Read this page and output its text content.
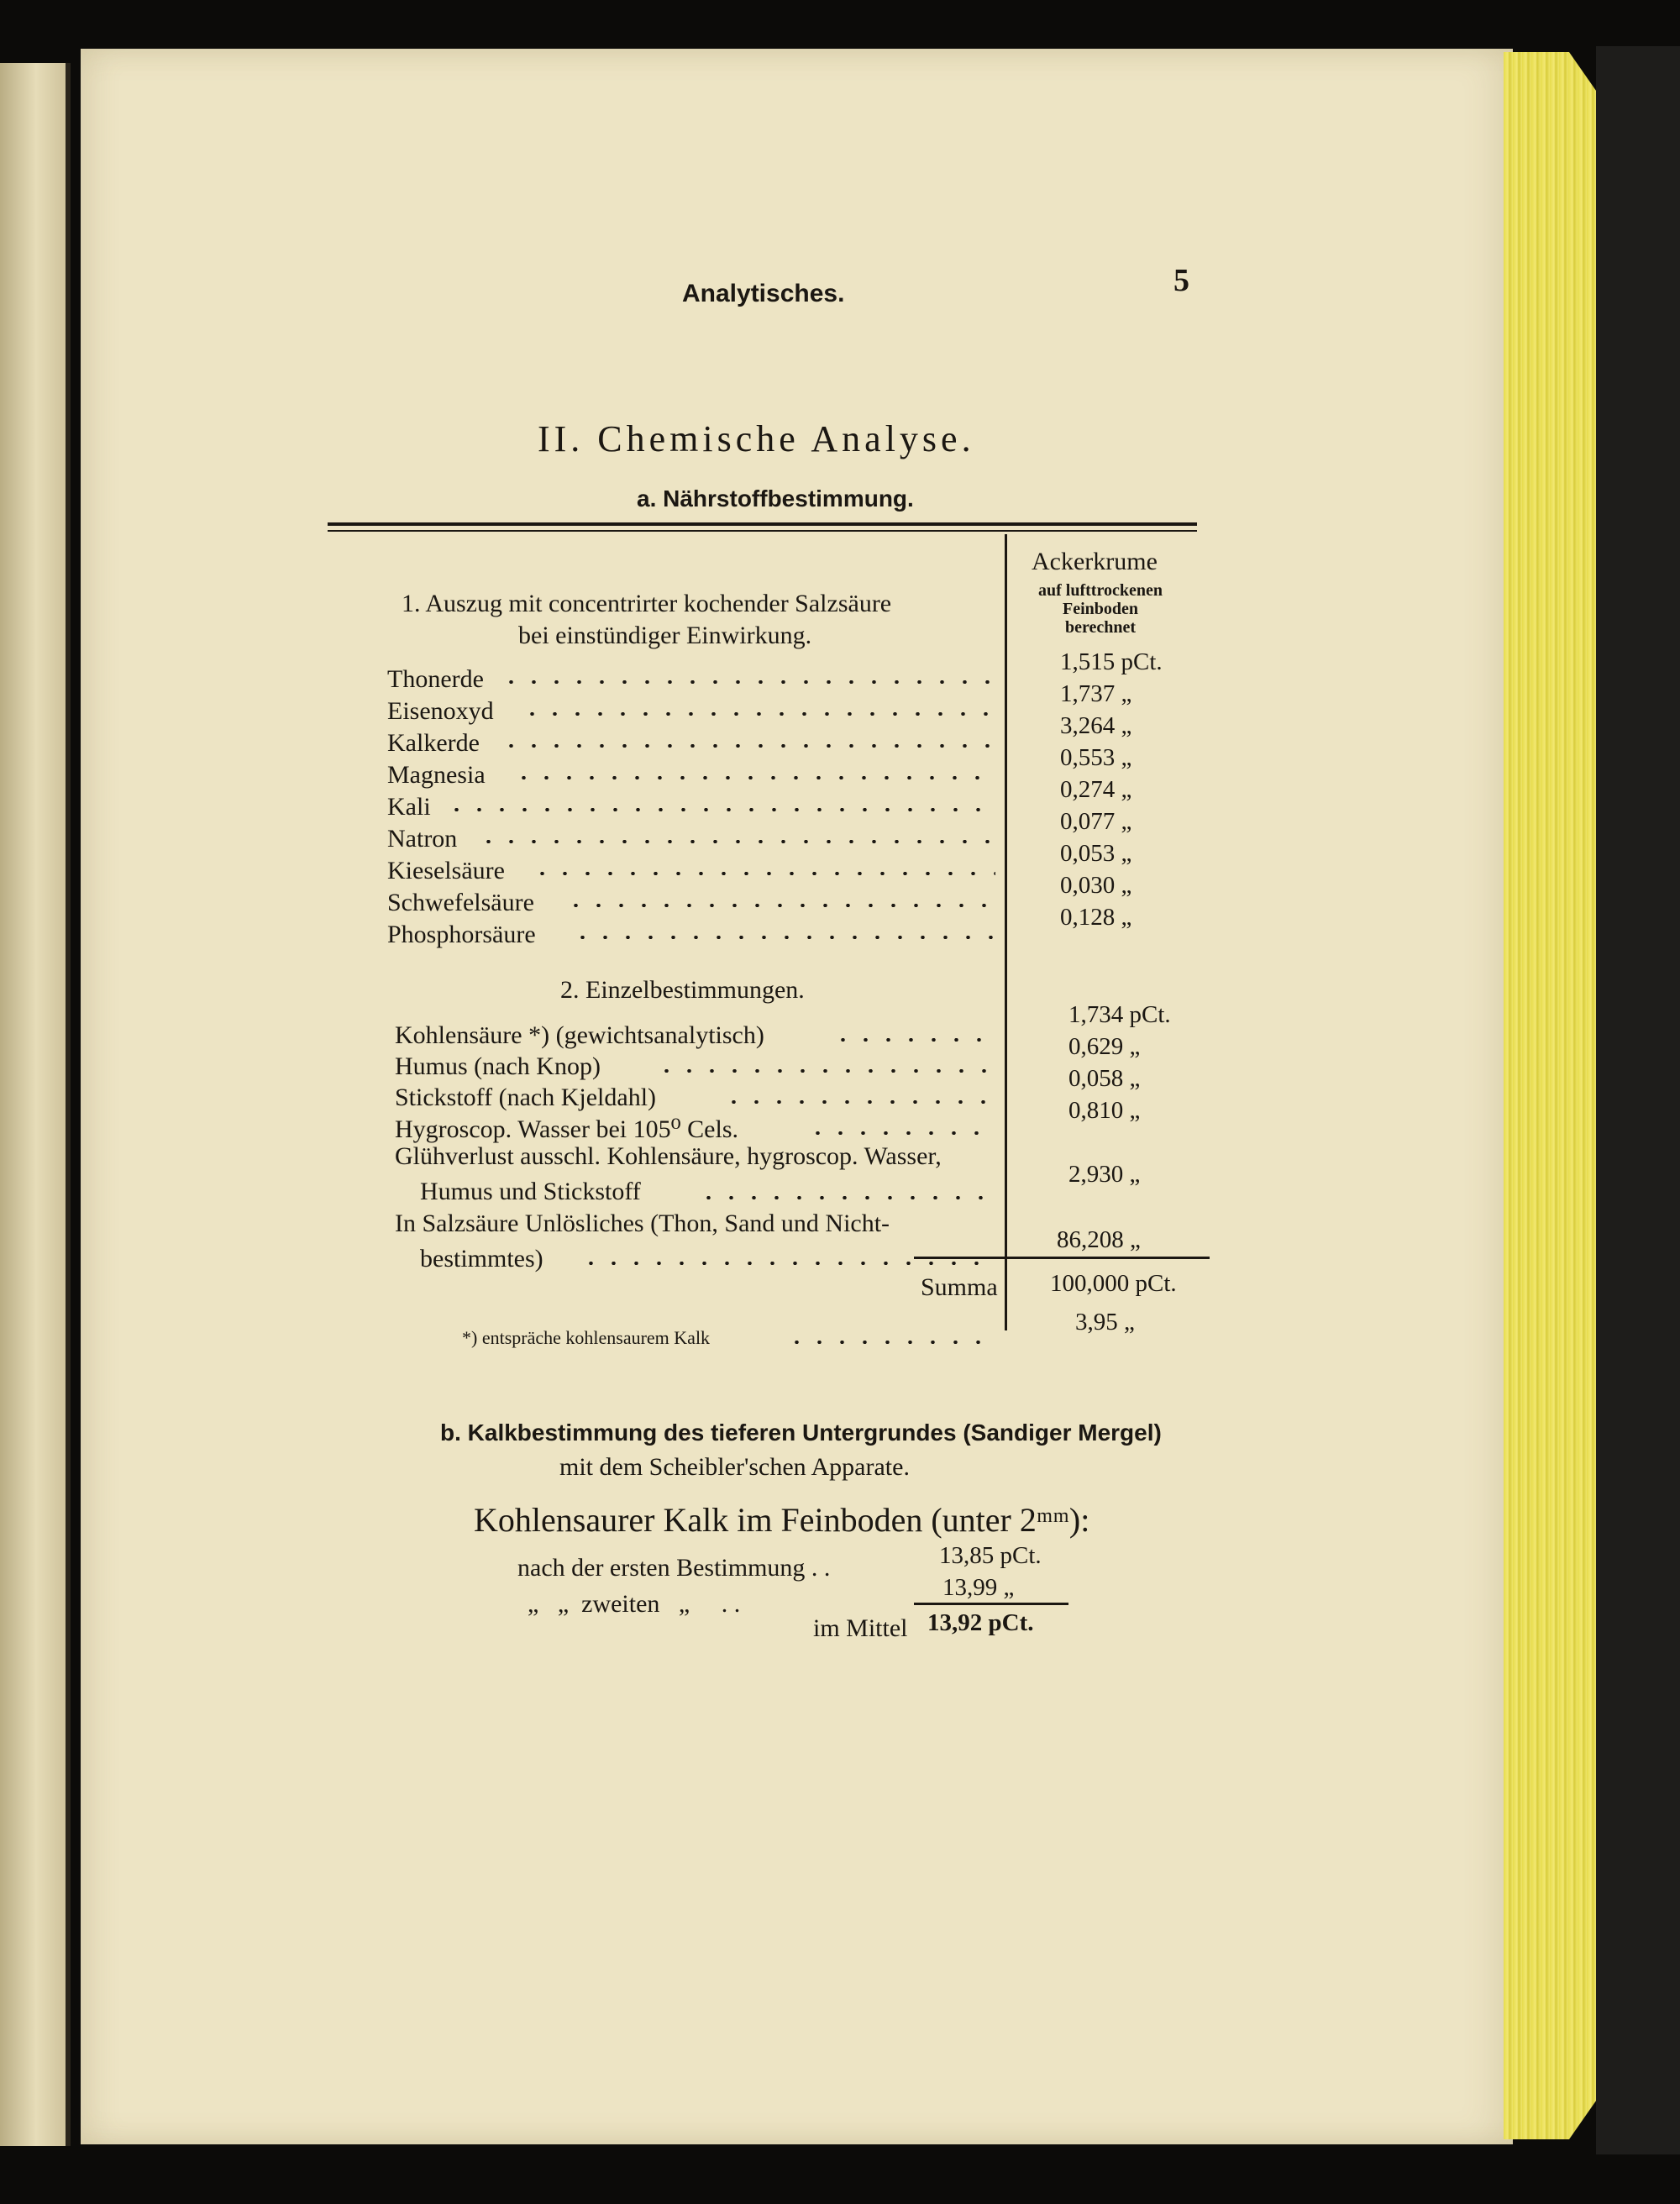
Analytisches.	5
II. Chemische Analyse.
a. Nährstoffbestimmung.
Ackerkrume
auf lufttrockenen
Feinboden
berechnet
1. Auszug mit concentrirter kochender Salzsäure
bei einstündiger Einwirkung.
Thonerde
1,515 pCt.
Eisenoxyd
1,737 „
Kalkerde
3,264 „
Magnesia
0,553 „
Kali
0,274 „
Natron
0,077 „
Kieselsäure
0,053 „
Schwefelsäure
0,030 „
Phosphorsäure
0,128 „
2. Einzelbestimmungen.
Kohlensäure *) (gewichtsanalytisch)
1,734 pCt.
Humus (nach Knop)
0,629 „
Stickstoff (nach Kjeldahl)
0,058 „
Hygroscop. Wasser bei 105⁰ Cels.
0,810 „
Glühverlust ausschl. Kohlensäure, hygroscop. Wasser,
Humus und Stickstoff
2,930 „
In Salzsäure Unlösliches (Thon, Sand und Nicht-
bestimmtes)
86,208 „
Summa 100,000 pCt.
*) entspräche kohlensaurem Kalk
3,95 „
b. Kalkbestimmung des tieferen Untergrundes (Sandiger Mergel)
mit dem Scheibler'schen Apparate.
Kohlensaurer Kalk im Feinboden (unter 2ᵐᵐ):
nach der ersten Bestimmung . .	13,85 pCt.
„   „  zweiten   „     . .
13,99 „
im Mittel 13,92 pCt.
